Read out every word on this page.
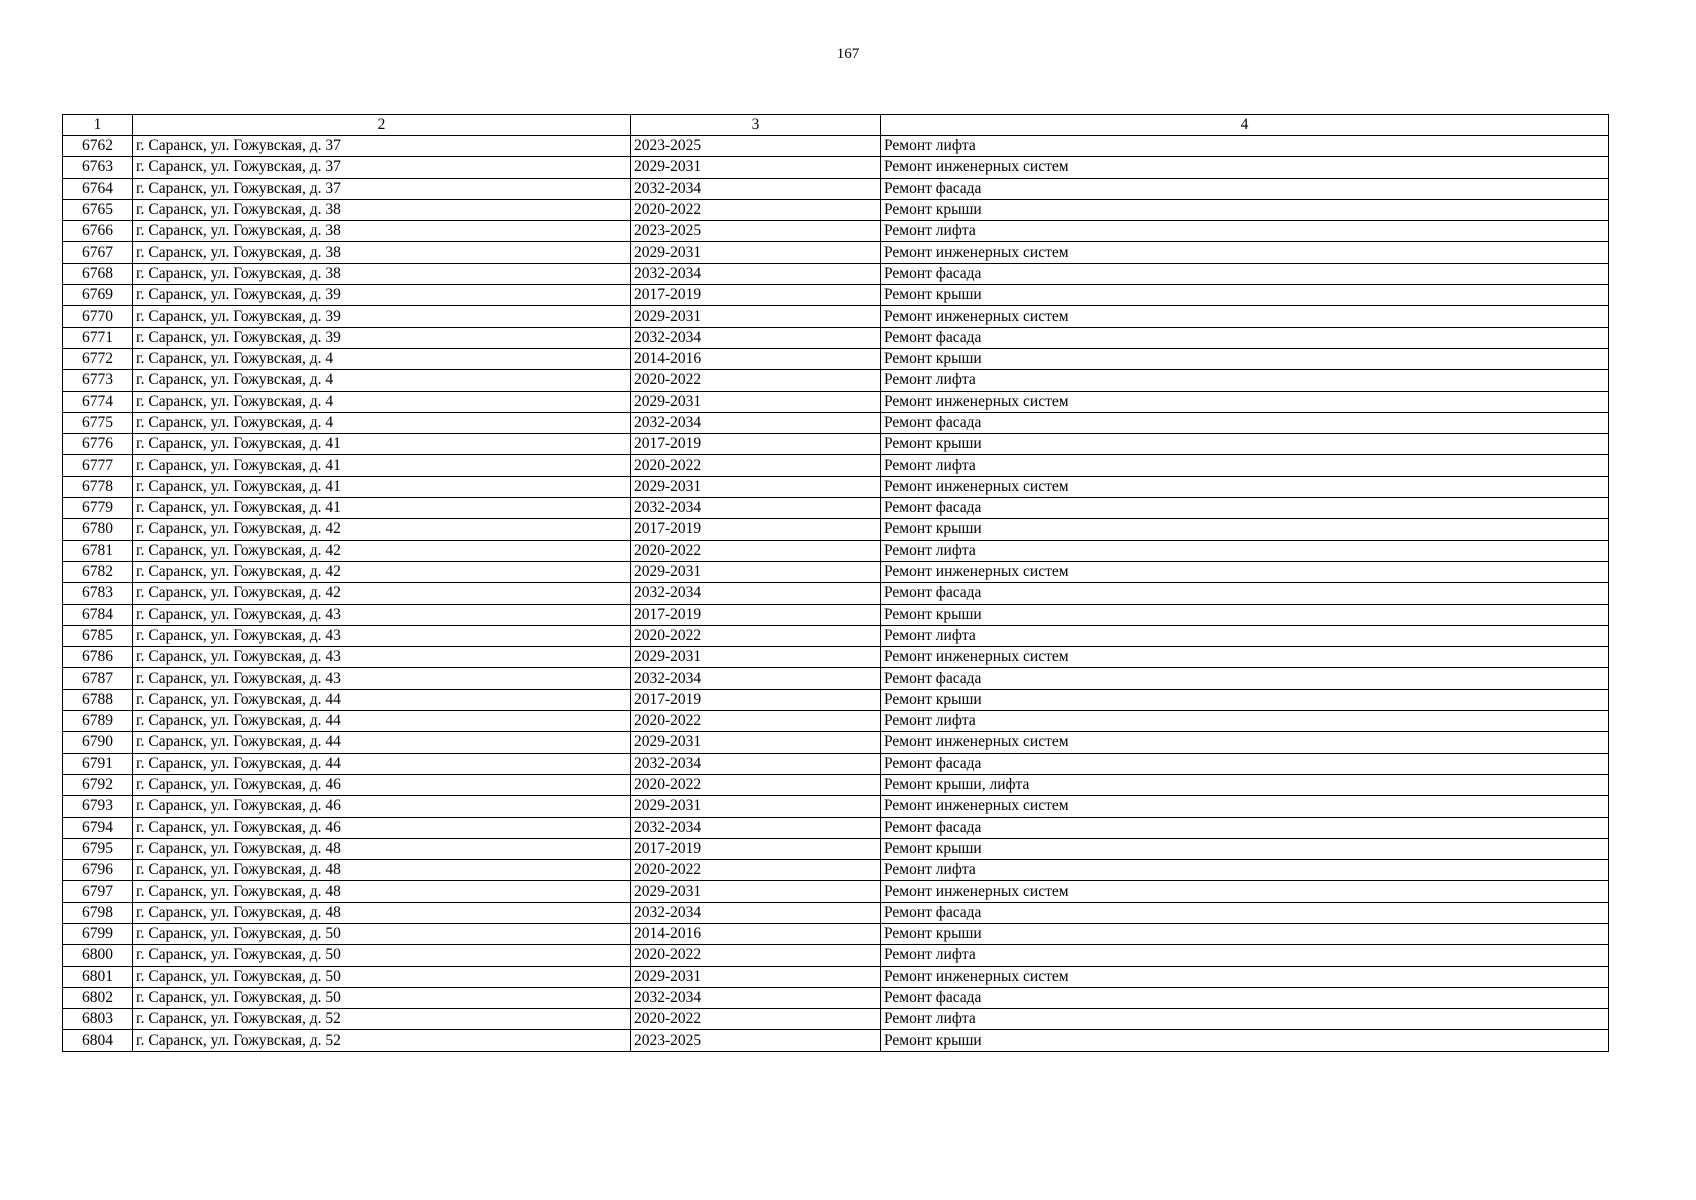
167
1	2	3	4
6762	г. Саранск, ул. Гожувская, д. 37	2023-2025	Ремонт лифта
6763	г. Саранск, ул. Гожувская, д. 37	2029-2031	Ремонт инженерных систем
6764	г. Саранск, ул. Гожувская, д. 37	2032-2034	Ремонт фасада
6765	г. Саранск, ул. Гожувская, д. 38	2020-2022	Ремонт крыши
6766	г. Саранск, ул. Гожувская, д. 38	2023-2025	Ремонт лифта
6767	г. Саранск, ул. Гожувская, д. 38	2029-2031	Ремонт инженерных систем
6768	г. Саранск, ул. Гожувская, д. 38	2032-2034	Ремонт фасада
6769	г. Саранск, ул. Гожувская, д. 39	2017-2019	Ремонт крыши
6770	г. Саранск, ул. Гожувская, д. 39	2029-2031	Ремонт инженерных систем
6771	г. Саранск, ул. Гожувская, д. 39	2032-2034	Ремонт фасада
6772	г. Саранск, ул. Гожувская, д. 4	2014-2016	Ремонт крыши
6773	г. Саранск, ул. Гожувская, д. 4	2020-2022	Ремонт лифта
6774	г. Саранск, ул. Гожувская, д. 4	2029-2031	Ремонт инженерных систем
6775	г. Саранск, ул. Гожувская, д. 4	2032-2034	Ремонт фасада
6776	г. Саранск, ул. Гожувская, д. 41	2017-2019	Ремонт крыши
6777	г. Саранск, ул. Гожувская, д. 41	2020-2022	Ремонт лифта
6778	г. Саранск, ул. Гожувская, д. 41	2029-2031	Ремонт инженерных систем
6779	г. Саранск, ул. Гожувская, д. 41	2032-2034	Ремонт фасада
6780	г. Саранск, ул. Гожувская, д. 42	2017-2019	Ремонт крыши
6781	г. Саранск, ул. Гожувская, д. 42	2020-2022	Ремонт лифта
6782	г. Саранск, ул. Гожувская, д. 42	2029-2031	Ремонт инженерных систем
6783	г. Саранск, ул. Гожувская, д. 42	2032-2034	Ремонт фасада
6784	г. Саранск, ул. Гожувская, д. 43	2017-2019	Ремонт крыши
6785	г. Саранск, ул. Гожувская, д. 43	2020-2022	Ремонт лифта
6786	г. Саранск, ул. Гожувская, д. 43	2029-2031	Ремонт инженерных систем
6787	г. Саранск, ул. Гожувская, д. 43	2032-2034	Ремонт фасада
6788	г. Саранск, ул. Гожувская, д. 44	2017-2019	Ремонт крыши
6789	г. Саранск, ул. Гожувская, д. 44	2020-2022	Ремонт лифта
6790	г. Саранск, ул. Гожувская, д. 44	2029-2031	Ремонт инженерных систем
6791	г. Саранск, ул. Гожувская, д. 44	2032-2034	Ремонт фасада
6792	г. Саранск, ул. Гожувская, д. 46	2020-2022	Ремонт крыши, лифта
6793	г. Саранск, ул. Гожувская, д. 46	2029-2031	Ремонт инженерных систем
6794	г. Саранск, ул. Гожувская, д. 46	2032-2034	Ремонт фасада
6795	г. Саранск, ул. Гожувская, д. 48	2017-2019	Ремонт крыши
6796	г. Саранск, ул. Гожувская, д. 48	2020-2022	Ремонт лифта
6797	г. Саранск, ул. Гожувская, д. 48	2029-2031	Ремонт инженерных систем
6798	г. Саранск, ул. Гожувская, д. 48	2032-2034	Ремонт фасада
6799	г. Саранск, ул. Гожувская, д. 50	2014-2016	Ремонт крыши
6800	г. Саранск, ул. Гожувская, д. 50	2020-2022	Ремонт лифта
6801	г. Саранск, ул. Гожувская, д. 50	2029-2031	Ремонт инженерных систем
6802	г. Саранск, ул. Гожувская, д. 50	2032-2034	Ремонт фасада
6803	г. Саранск, ул. Гожувская, д. 52	2020-2022	Ремонт лифта
6804	г. Саранск, ул. Гожувская, д. 52	2023-2025	Ремонт крыши
